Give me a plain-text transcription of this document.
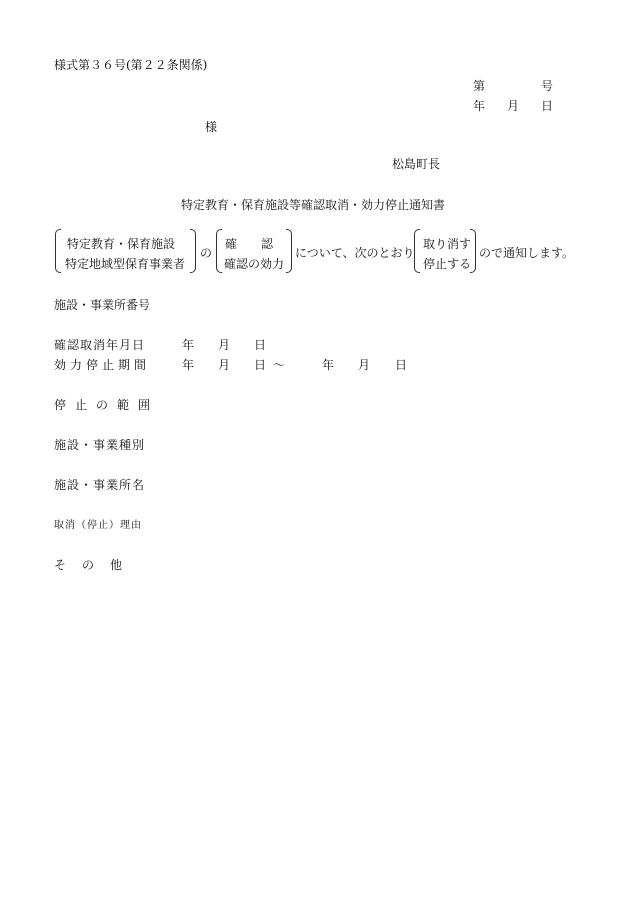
様式第３６号(第２２条関係)
第	号
年 月 日
様
松島町長
特定教育・保育施設等確認取消・効力停止通知書
特定教育・保育施設
特定地域型保育事業者
の
確　　認
確認の効力
について、次のとおり
取り消す
停止する
ので通知します。
施設・事業所番号
確認取消年月日	年 月 日
効力停止期間	年 月 日 ～	年 月 日
停止の範囲
施設・事業種別
施設・事業所名
取消（停止）理由
そ　の　他
